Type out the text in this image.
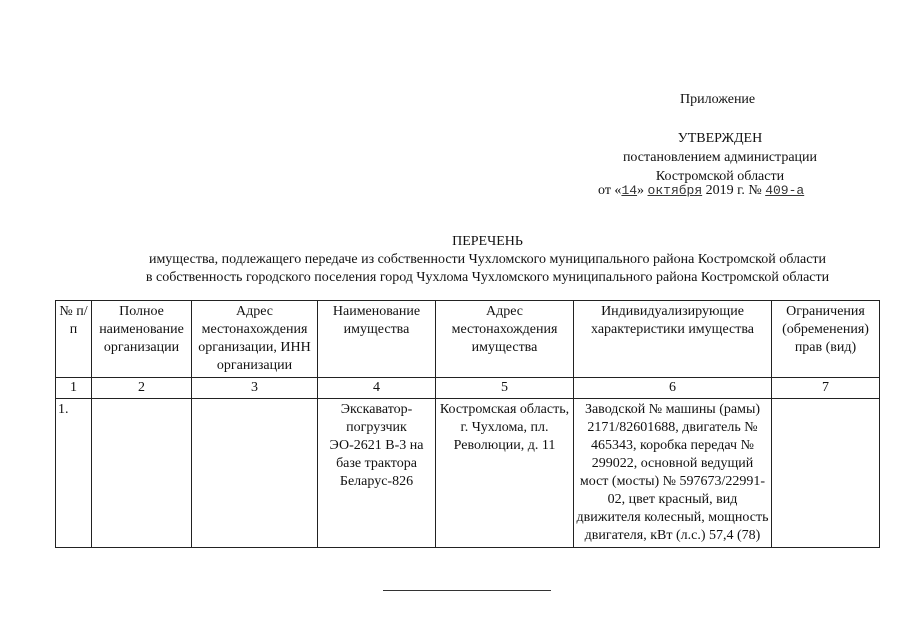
Приложение
УТВЕРЖДЕН
постановлением администрации
Костромской области
от «14» октября 2019 г. № 409-а
ПЕРЕЧЕНЬ
имущества, подлежащего передаче из собственности Чухломского муниципального района Костромской области
в собственность городского поселения город Чухлома Чухломского муниципального района Костромской области
№ п/п	Полное наименование организации	Адрес местонахождения организации, ИНН организации	Наименование имущества	Адрес местонахождения имущества	Индивидуализирующие характеристики имущества	Ограничения (обременения) прав (вид)
1	2	3	4	5	6	7
1.			Экскаватор-погрузчик ЭО-2621 В-3 на базе трактора Беларус-826	Костромская область, г. Чухлома, пл. Революции, д. 11	Заводской № машины (рамы) 2171/82601688, двигатель № 465343, коробка передач № 299022, основной ведущий мост (мосты) № 597673/22991-02, цвет красный, вид движителя колесный, мощность двигателя, кВт (л.с.) 57,4 (78)	
